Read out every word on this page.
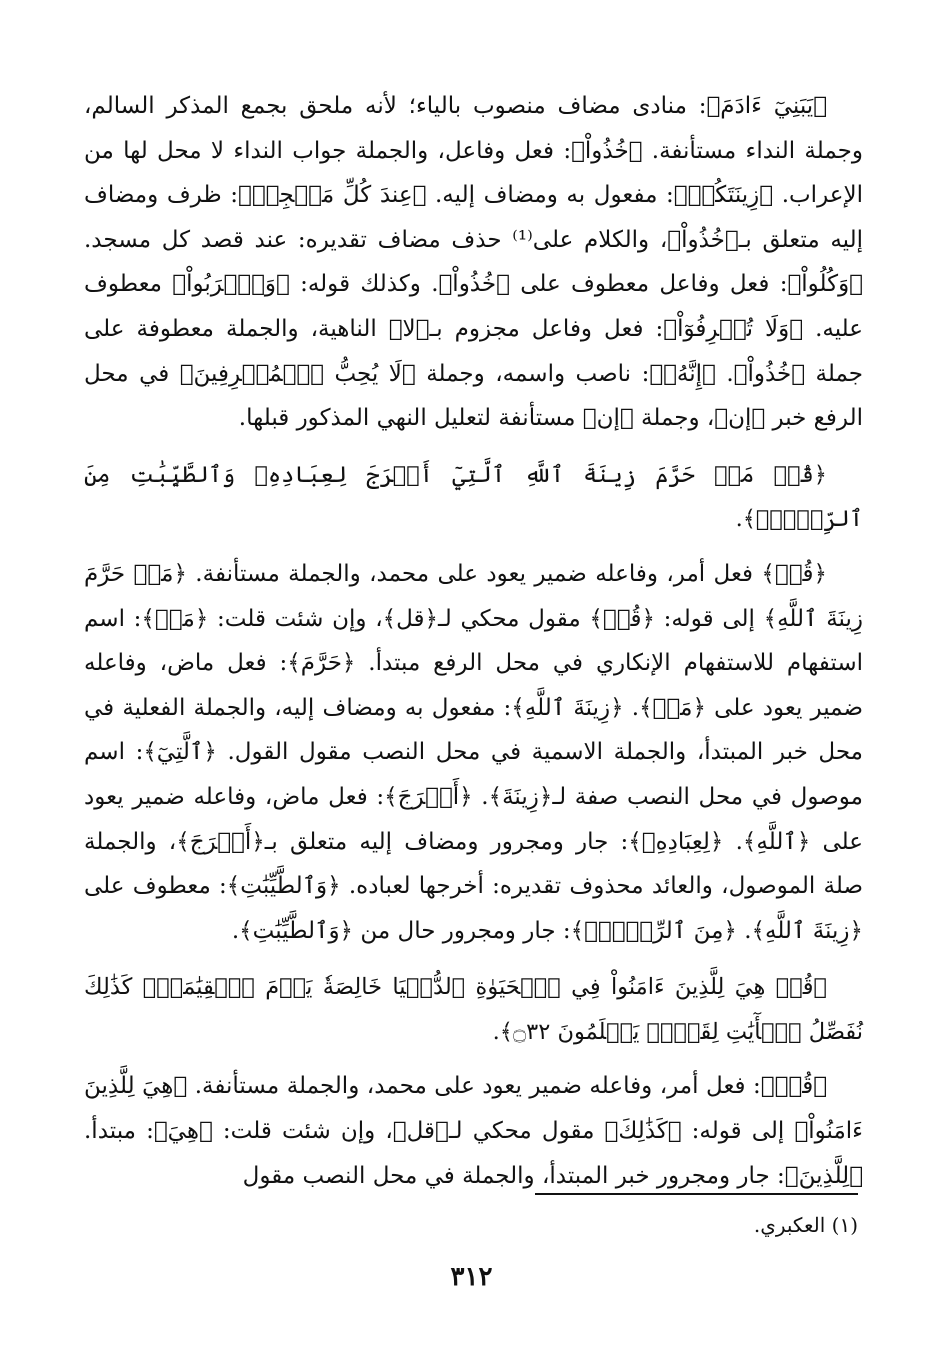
﴿يَبَنِيٓ ءَادَمَ﴾: منادى مضاف منصوب بالياء؛ لأنه ملحق بجمع المذكر السالم، وجملة النداء مستأنفة. ﴿خُذُواْ﴾: فعل وفاعل، والجملة جواب النداء لا محل لها من الإعراب. ﴿زِينَتَكُمۡ﴾: مفعول به ومضاف إليه. ﴿عِندَ كُلِّ مَسۡجِدٖ﴾: ظرف ومضاف إليه متعلق بـ﴿خُذُواْ﴾، والكلام على⁽¹⁾ حذف مضاف تقديره: عند قصد كل مسجد. ﴿وَكُلُواْ﴾: فعل وفاعل معطوف على ﴿خُذُواْ﴾. وكذلك قوله: ﴿وَٱشۡرَبُواْ﴾ معطوف عليه. ﴿وَلَا تُسۡرِفُوٓاْ﴾: فعل وفاعل مجزوم بـ﴿لا﴾ الناهية، والجملة معطوفة على جملة ﴿خُذُواْ﴾. ﴿إِنَّهُۥ﴾: ناصب واسمه، وجملة ﴿لَا يُحِبُّ ٱلۡمُسۡرِفِينَ﴾ في محل الرفع خبر ﴿إن﴾، وجملة ﴿إن﴾ مستأنفة لتعليل النهي المذكور قبلها.

﴿قُلۡ مَنۡ حَرَّمَ زِينَةَ ٱللَّهِ ٱلَّتِيٓ أَخۡرَجَ لِعِبَادِهِۦ وَٱلطَّيِّبَٰتِ مِنَ ٱلرِّزۡقِۚ﴾.

﴿قُلۡ﴾ فعل أمر، وفاعله ضمير يعود على محمد، والجملة مستأنفة. ﴿مَنۡ حَرَّمَ زِينَةَ ٱللَّهِ﴾ إلى قوله: ﴿قُلۡ﴾ مقول محكي لـ﴿قل﴾، وإن شئت قلت: ﴿مَنۡ﴾: اسم استفهام للاستفهام الإنكاري في محل الرفع مبتدأ. ﴿حَرَّمَ﴾: فعل ماض، وفاعله ضمير يعود على ﴿مَنۡ﴾. ﴿زِينَةَ ٱللَّهِ﴾: مفعول به ومضاف إليه، والجملة الفعلية في محل خبر المبتدأ، والجملة الاسمية في محل النصب مقول القول. ﴿ٱلَّتِيٓ﴾: اسم موصول في محل النصب صفة لـ﴿زِينَةَ﴾. ﴿أَخۡرَجَ﴾: فعل ماض، وفاعله ضمير يعود على ﴿ٱللَّهِ﴾. ﴿لِعِبَادِهِۦ﴾: جار ومجرور ومضاف إليه متعلق بـ﴿أَخۡرَجَ﴾، والجملة صلة الموصول، والعائد محذوف تقديره: أخرجها لعباده. ﴿وَٱلطَّيِّبَٰتِ﴾: معطوف على ﴿زِينَةَ ٱللَّهِ﴾. ﴿مِنَ ٱلرِّزۡقِۚ﴾: جار ومجرور حال من ﴿وَٱلطَّيِّبَٰتِ﴾.

﴿قُلۡ هِيَ لِلَّذِينَ ءَامَنُواْ فِي ٱلۡحَيَوٰةِ ٱلدُّنۡيَا خَالِصَةٗ يَوۡمَ ٱلۡقِيَٰمَةِۗ كَذَٰلِكَ نُفَصِّلُ ٱلۡأٓيَٰتِ لِقَوۡمٖ يَعۡلَمُونَ ۝٣٢﴾.

﴿قُلۡ﴾: فعل أمر، وفاعله ضمير يعود على محمد، والجملة مستأنفة. ﴿هِيَ لِلَّذِينَ ءَامَنُواْ﴾ إلى قوله: ﴿كَذَٰلِكَ﴾ مقول محكي لـ﴿قل﴾، وإن شئت قلت: ﴿هِيَ﴾: مبتدأ. ﴿لِلَّذِينَ﴾: جار ومجرور خبر المبتدأ، والجملة في محل النصب مقول

(١) العكبري.
٣١٢
